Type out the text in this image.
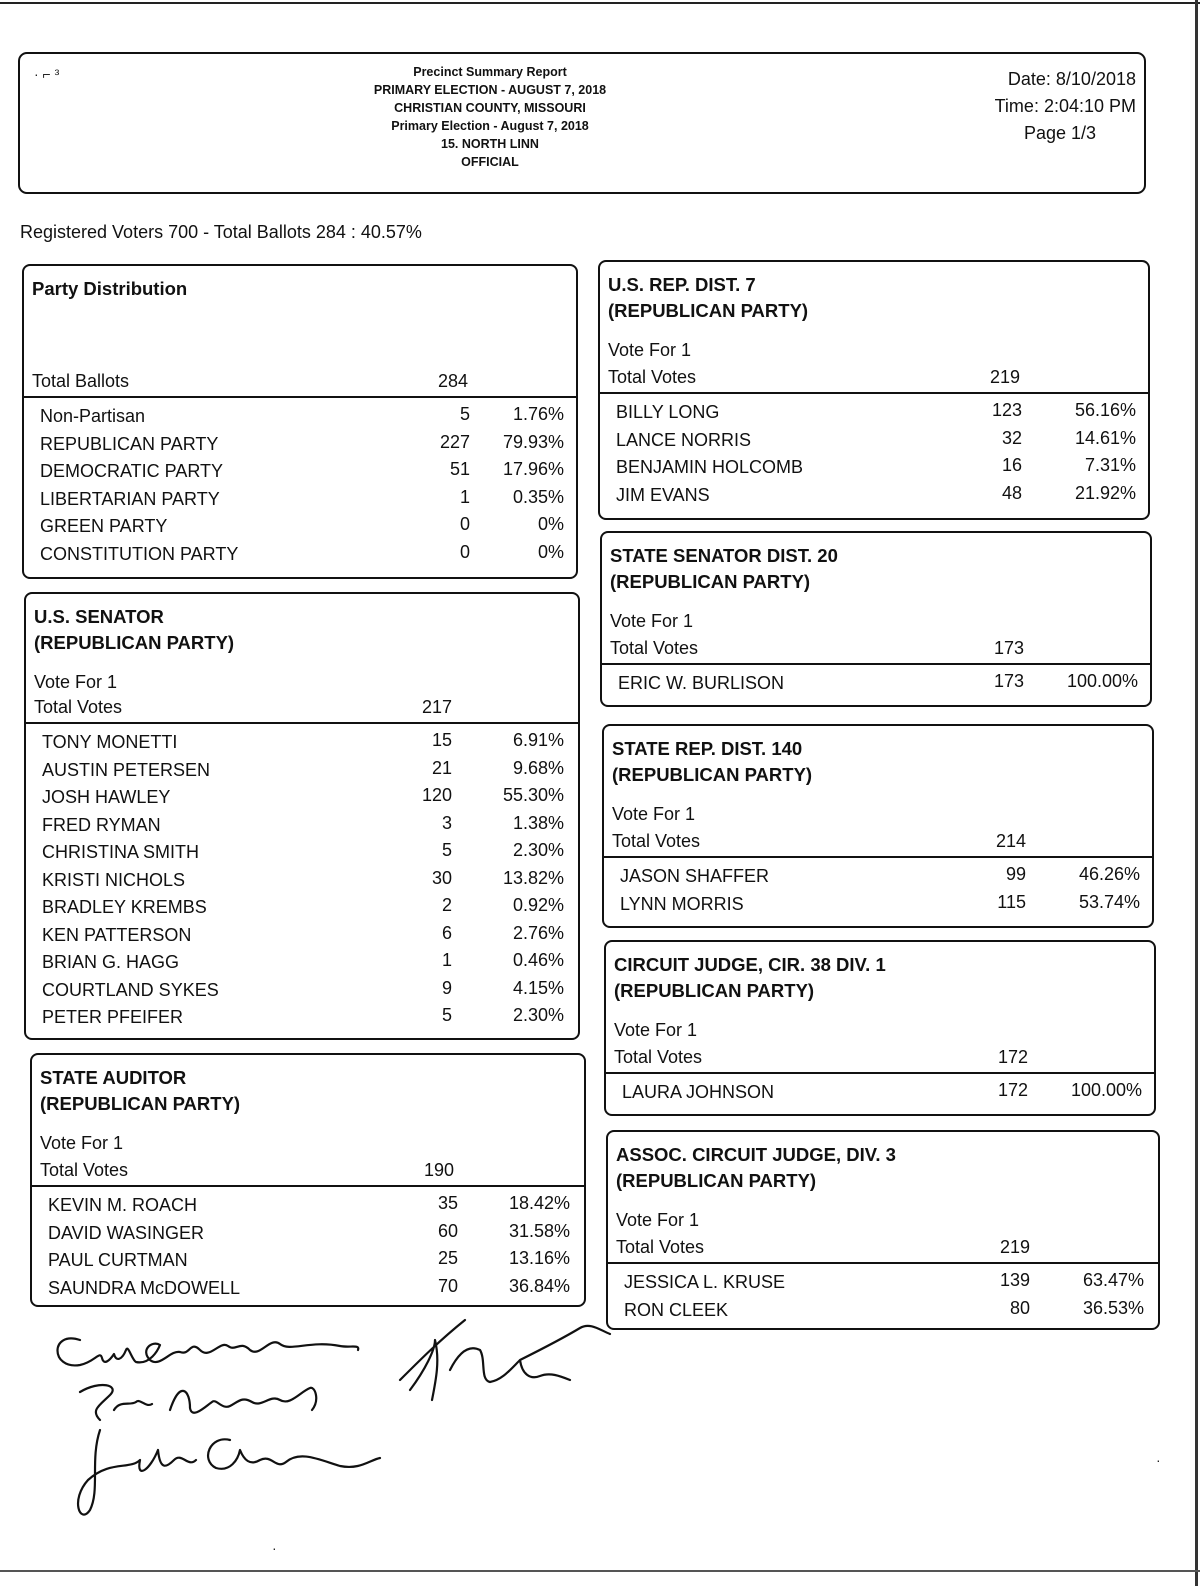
· ⌐ ³	Precinct Summary Report
PRIMARY ELECTION - AUGUST 7, 2018
CHRISTIAN COUNTY, MISSOURI
Primary Election - August 7, 2018
15. NORTH LINN
OFFICIAL
Date: 8/10/2018
Time: 2:04:10 PM
Page 1/3
Registered Voters 700 - Total Ballots 284 : 40.57%
Party Distribution
Total Ballots	284
Non-Partisan	5	1.76%
REPUBLICAN PARTY	227	79.93%
DEMOCRATIC PARTY	51	17.96%
LIBERTARIAN PARTY	1	0.35%
GREEN PARTY	0	0%
CONSTITUTION PARTY	0	0%
U.S. SENATOR
(REPUBLICAN PARTY)
Vote For 1
Total Votes	217
TONY MONETTI	15	6.91%
AUSTIN PETERSEN	21	9.68%
JOSH HAWLEY	120	55.30%
FRED RYMAN	3	1.38%
CHRISTINA SMITH	5	2.30%
KRISTI NICHOLS	30	13.82%
BRADLEY KREMBS	2	0.92%
KEN PATTERSON	6	2.76%
BRIAN G. HAGG	1	0.46%
COURTLAND SYKES	9	4.15%
PETER PFEIFER	5	2.30%
STATE AUDITOR
(REPUBLICAN PARTY)
Vote For 1
Total Votes	190
KEVIN M. ROACH	35	18.42%
DAVID WASINGER	60	31.58%
PAUL CURTMAN	25	13.16%
SAUNDRA McDOWELL	70	36.84%
U.S. REP. DIST. 7
(REPUBLICAN PARTY)
Vote For 1
Total Votes	219
BILLY LONG	123	56.16%
LANCE NORRIS	32	14.61%
BENJAMIN HOLCOMB	16	7.31%
JIM EVANS	48	21.92%
STATE SENATOR DIST. 20
(REPUBLICAN PARTY)
Vote For 1
Total Votes	173
ERIC W. BURLISON	173	100.00%
STATE REP. DIST. 140
(REPUBLICAN PARTY)
Vote For 1
Total Votes	214
JASON SHAFFER	99	46.26%
LYNN MORRIS	115	53.74%
CIRCUIT JUDGE, CIR. 38 DIV. 1
(REPUBLICAN PARTY)
Vote For 1
Total Votes	172
LAURA JOHNSON	172	100.00%
ASSOC. CIRCUIT JUDGE, DIV. 3
(REPUBLICAN PARTY)
Vote For 1
Total Votes	219
JESSICA L. KRUSE	139	63.47%
RON CLEEK	80	36.53%
·
·
